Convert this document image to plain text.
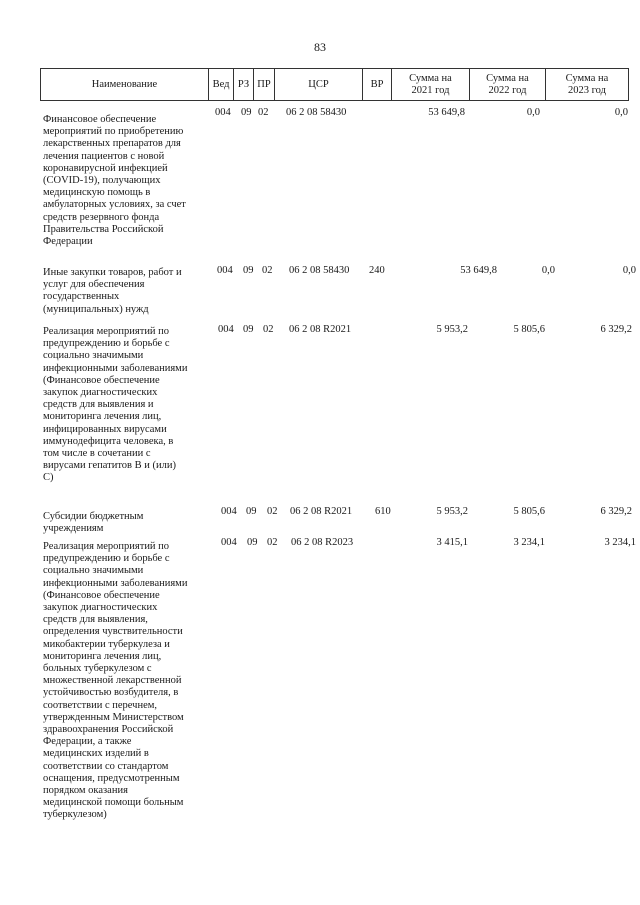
83
Наименование	Вед РЗ ПР	ЦСР	ВР
Сумма на
2021 год
Сумма на
2022 год
Сумма на
2023 год
Финансовое обеспечение
мероприятий по приобретению
лекарственных препаратов для
лечения пациентов с новой
коронавирусной инфекцией
(COVID-19), получающих
медицинскую помощь в
амбулаторных условиях, за счет
средств резервного фонда
Правительства Российской
Федерации
004 09 02 06 2 08 58430	53 649,8	0,0	0,0
Иные закупки товаров, работ и
услуг для обеспечения
государственных
(муниципальных) нужд
004 09 02 06 2 08 58430 240	53 649,8	0,0	0,0
Реализация мероприятий по
предупреждению и борьбе с
социально значимыми
инфекционными заболеваниями
(Финансовое обеспечение
закупок диагностических
средств для выявления и
мониторинга лечения лиц,
инфицированных вирусами
иммунодефицита человека, в
том числе в сочетании с
вирусами гепатитов В и (или)
С)
004 09 02 06 2 08 R2021	5 953,2	5 805,6	6 329,2
Субсидии бюджетным
учреждениям
004 09 02 06 2 08 R2021 610	5 953,2	5 805,6	6 329,2
Реализация мероприятий по
предупреждению и борьбе с
социально значимыми
инфекционными заболеваниями
(Финансовое обеспечение
закупок диагностических
средств для выявления,
определения чувствительности
микобактерии туберкулеза и
мониторинга лечения лиц,
больных туберкулезом с
множественной лекарственной
устойчивостью возбудителя, в
соответствии с перечнем,
утвержденным Министерством
здравоохранения Российской
Федерации, а также
медицинских изделий в
соответствии со стандартом
оснащения, предусмотренным
порядком оказания
медицинской помощи больным
туберкулезом)
004 09 02 06 2 08 R2023	3 415,1	3 234,1	3 234,1
